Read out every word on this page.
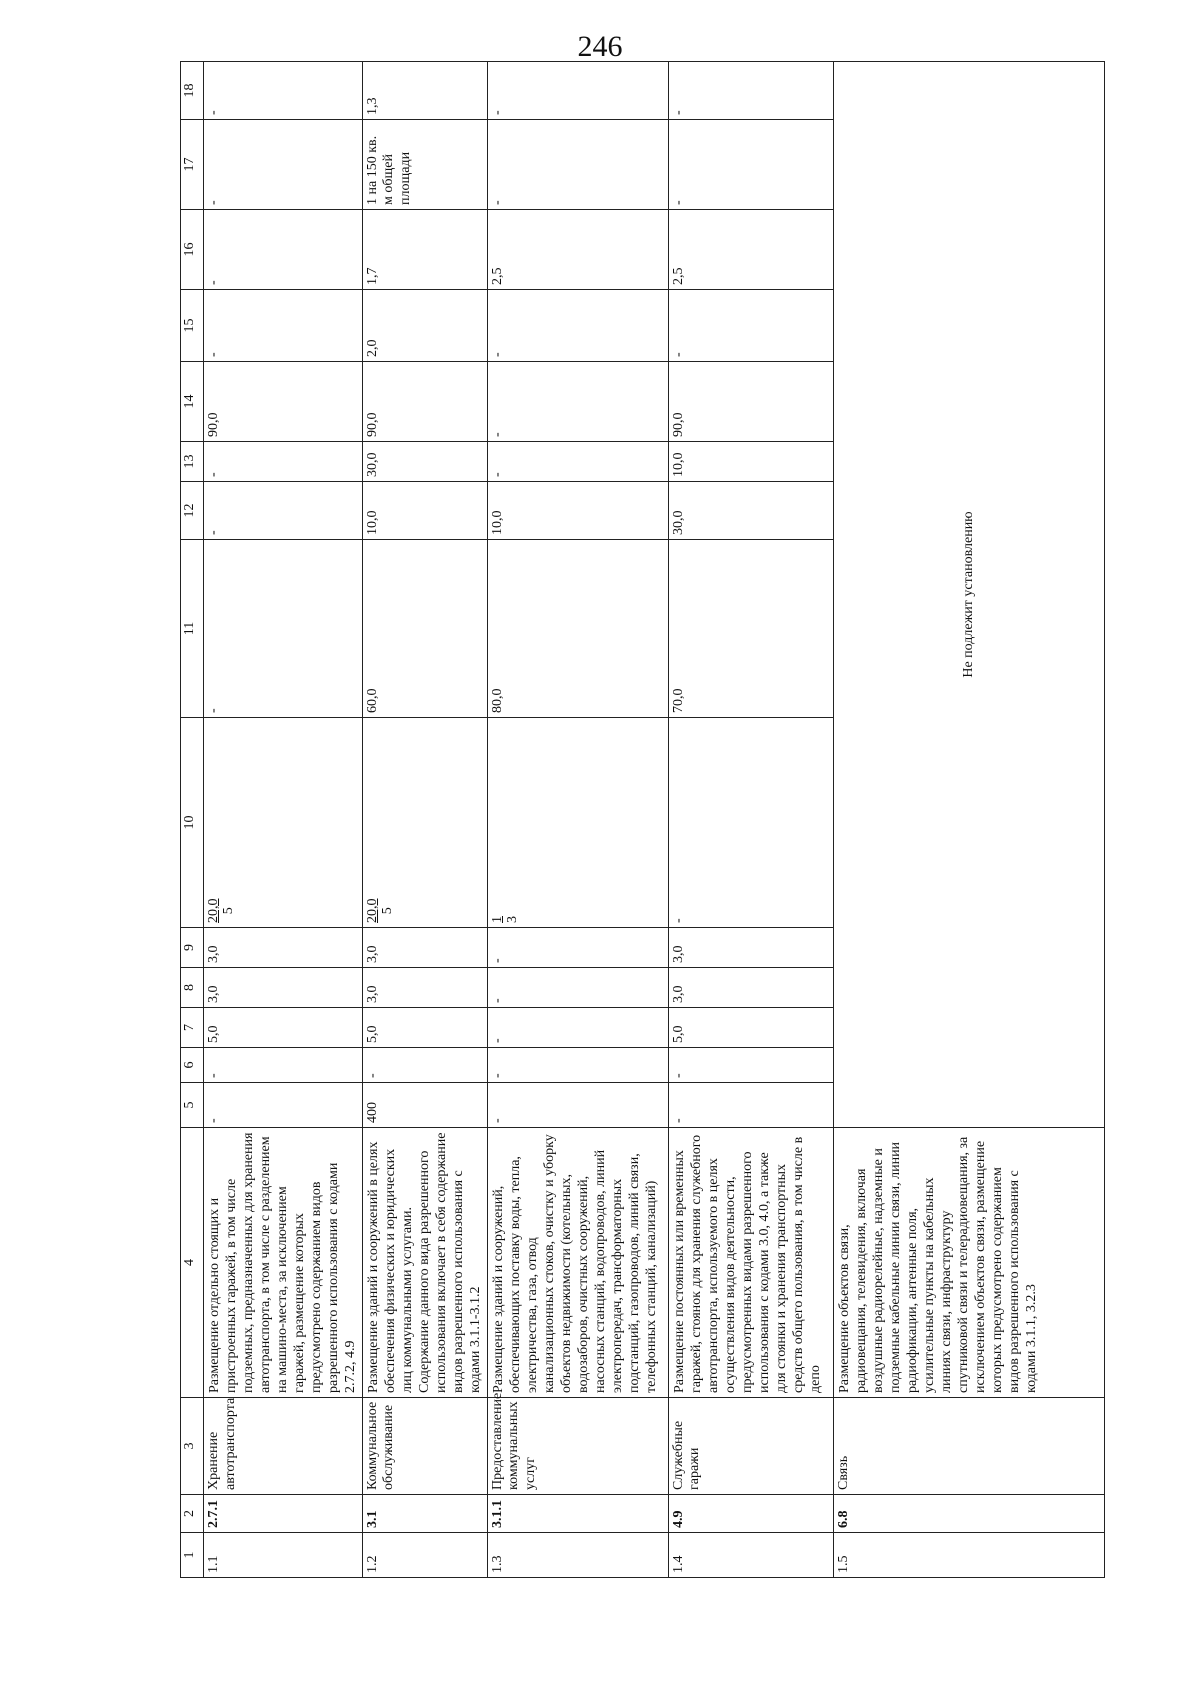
246
1	2	3	4	5	6	7	8	9	10	11	12	13	14	15	16	17	18
1.1	2.7.1	Хранение автотранспорта	Размещение отдельно стоящих и пристроенных гаражей, в том числе подземных, предназначенных для хранения автотранспорта, в том числе с разделением на машино-места, за исключением гаражей, размещение которых предусмотрено содержанием видов разрешенного использования с кодами 2.7.2, 4.9	-	-	5,0	3,0	3,0	20,0 5	-	-	-	90,0	-	-	-	-
1.2	3.1	Коммунальное обслуживание	Размещение зданий и сооружений в целях обеспечения физических и юридических лиц коммунальными услугами. Содержание данного вида разрешенного использования включает в себя содержание видов разрешенного использования с кодами 3.1.1-3.1.2	400	-	5,0	3,0	3,0	20,0 5	60,0	10,0	30,0	90,0	2,0	1,7	1 на 150 кв. м общей площади	1,3
1.3	3.1.1	Предоставление коммунальных услуг	Размещение зданий и сооружений, обеспечивающих поставку воды, тепла, электричества, газа, отвод канализационных стоков, очистку и уборку объектов недвижимости (котельных, водозаборов, очистных сооружений, насосных станций, водопроводов, линий электропередач, трансформаторных подстанций, газопроводов, линий связи, телефонных станций, канализаций)	-	-	-	-	-	1 3	80,0	10,0	-	-	-	2,5	-	-
1.4	4.9	Служебные гаражи	Размещение постоянных или временных гаражей, стоянок для хранения служебного автотранспорта, используемого в целях осуществления видов деятельности, предусмотренных видами разрешенного использования с кодами 3.0, 4.0, а также для стоянки и хранения транспортных средств общего пользования, в том числе в депо	-	-	5,0	3,0	3,0	-	70,0	30,0	10,0	90,0	-	2,5	-	-
1.5	6.8	Связь	Размещение объектов связи, радиовещания, телевидения, включая воздушные радиорелейные, надземные и подземные кабельные линии связи, линии радиофикации, антенные поля, усилительные пункты на кабельных линиях связи, инфраструктуру спутниковой связи и телерадиовещания, за исключением объектов связи, размещение которых предусмотрено содержанием видов разрешенного использования с кодами 3.1.1, 3.2.3	Не подлежит установлению													
